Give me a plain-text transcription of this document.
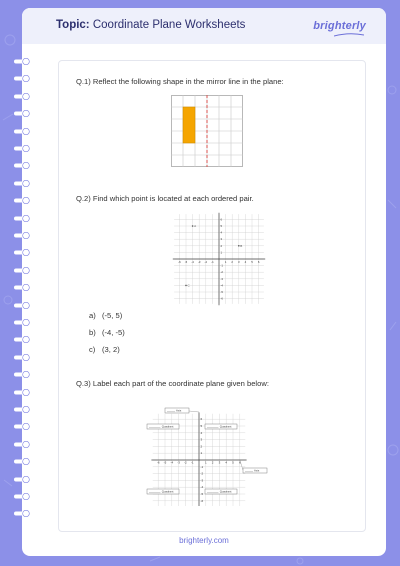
Topic: Coordinate Plane Worksheets	brighterly
Q.1) Reflect the following shape in the mirror line in the plane:
Q.2) Find which point is located at each ordered pair.
-6 -5 -4 -3 -2 -1	1 2 3 4 5 6
6
5
4
3
2
1
-1
-2
-3
-4
-5
-6
A
B
C
a) (-5, 5)
b) (-4, -5)
c) (3, 2)
Q.3) Label each part of the coordinate plane given below:
-6 -5 -4 -3 -2 -1	1 2 3 4 5 6
6
5
4
3
2
1
-1
-2
-3
-4
-5
-6
Quadrant	Quadrant
Quadrant	Quadrant
Axis
Axis
brighterly.com
